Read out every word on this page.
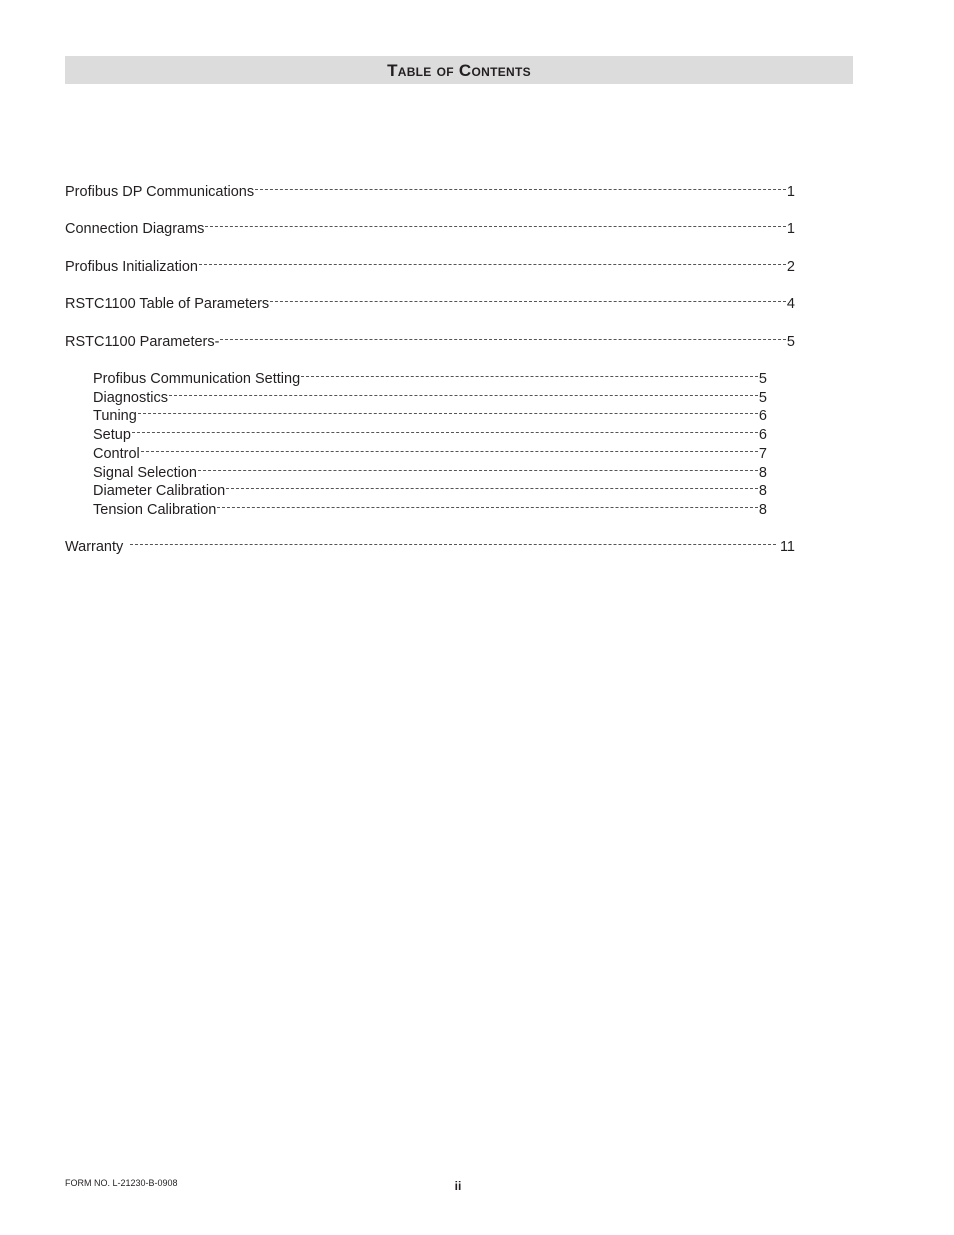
Table of Contents
Profibus DP Communications	1
Connection Diagrams	1
Profibus Initialization	2
RSTC1100 Table of Parameters	4
RSTC1100 Parameters-	5
Profibus Communication Setting	5
Diagnostics	5
Tuning	6
Setup	6
Control	7
Signal Selection	8
Diameter Calibration	8
Tension Calibration	8
Warranty	11
FORM NO. L-21230-B-0908	ii
